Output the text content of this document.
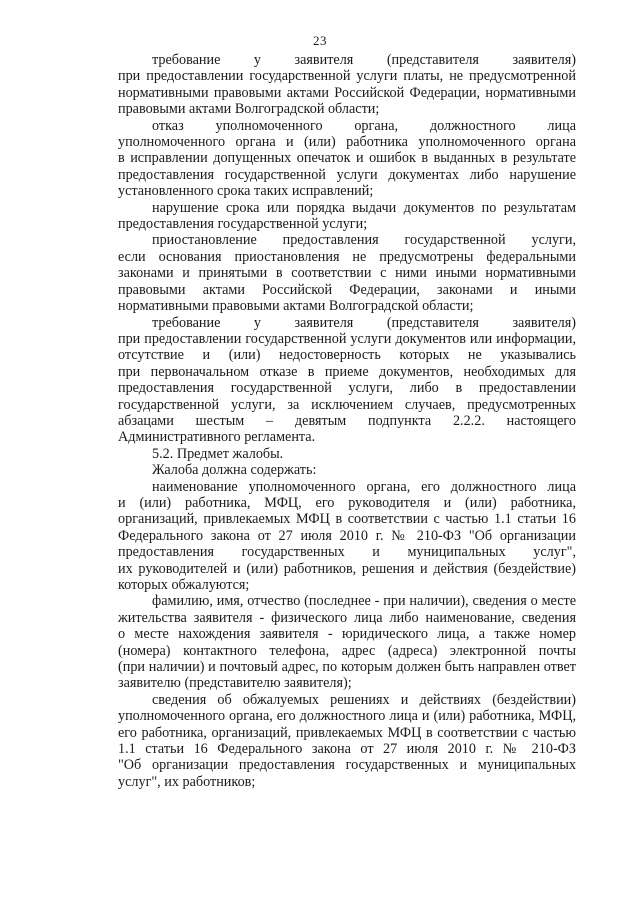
23
требование у заявителя (представителя заявителя)
при предоставлении государственной услуги платы, не предусмотренной
нормативными правовыми актами Российской Федерации, нормативными
правовыми актами Волгоградской области;
отказ уполномоченного органа, должностного лица
уполномоченного органа и (или) работника уполномоченного органа
в исправлении допущенных опечаток и ошибок в выданных в результате
предоставления государственной услуги документах либо нарушение
установленного срока таких исправлений;
нарушение срока или порядка выдачи документов по результатам
предоставления государственной услуги;
приостановление предоставления государственной услуги,
если основания приостановления не предусмотрены федеральными
законами и принятыми в соответствии с ними иными нормативными
правовыми актами Российской Федерации, законами и иными
нормативными правовыми актами Волгоградской области;
требование у заявителя (представителя заявителя)
при предоставлении государственной услуги документов или информации,
отсутствие и (или) недостоверность которых не указывались
при первоначальном отказе в приеме документов, необходимых для
предоставления государственной услуги, либо в предоставлении
государственной услуги, за исключением случаев, предусмотренных
абзацами шестым – девятым подпункта 2.2.2. настоящего
Административного регламента.
5.2. Предмет жалобы.
Жалоба должна содержать:
наименование уполномоченного органа, его должностного лица
и (или) работника, МФЦ, его руководителя и (или) работника,
организаций, привлекаемых МФЦ в соответствии с частью 1.1 статьи 16
Федерального закона от 27 июля 2010 г. № 210-ФЗ "Об организации
предоставления государственных и муниципальных услуг",
их руководителей и (или) работников, решения и действия (бездействие)
которых обжалуются;
фамилию, имя, отчество (последнее - при наличии), сведения о месте
жительства заявителя - физического лица либо наименование, сведения
о месте нахождения заявителя - юридического лица, а также номер
(номера) контактного телефона, адрес (адреса) электронной почты
(при наличии) и почтовый адрес, по которым должен быть направлен ответ
заявителю (представителю заявителя);
сведения об обжалуемых решениях и действиях (бездействии)
уполномоченного органа, его должностного лица и (или) работника, МФЦ,
его работника, организаций, привлекаемых МФЦ в соответствии с частью
1.1 статьи 16 Федерального закона от 27 июля 2010 г. № 210-ФЗ
"Об организации предоставления государственных и муниципальных
услуг", их работников;
